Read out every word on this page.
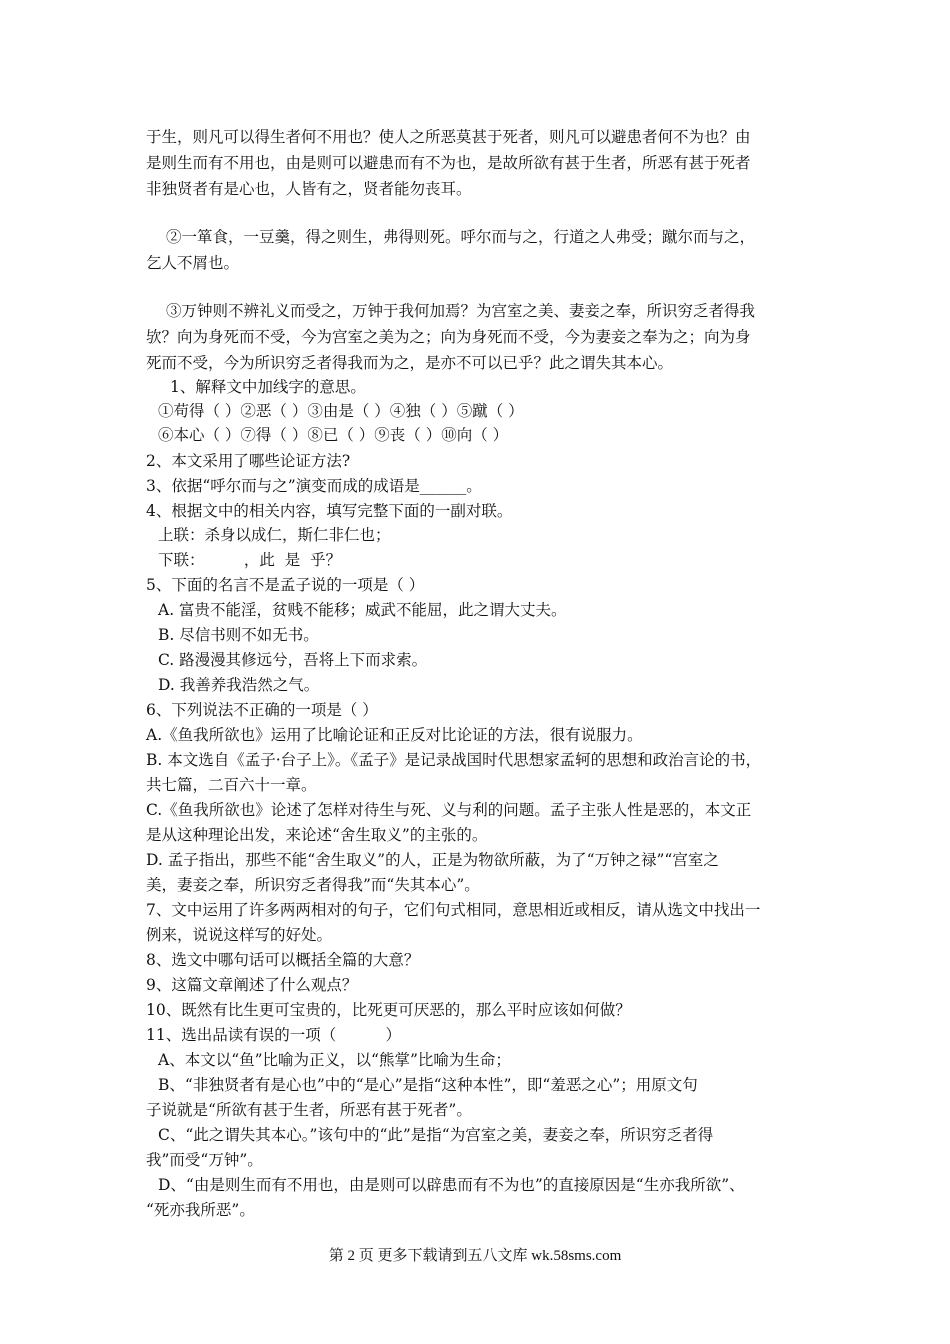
于生，则凡可以得生者何不用也？使人之所恶莫甚于死者，则凡可以避患者何不为也？由
是则生而有不用也，由是则可以避患而有不为也，是故所欲有甚于生者，所恶有甚于死者
非独贤者有是心也，人皆有之，贤者能勿丧耳。
②一箪食，一豆羹，得之则生，弗得则死。呼尔而与之，行道之人弗受；蹴尔而与之，
乞人不屑也。
③万钟则不辨礼义而受之，万钟于我何加焉？为宫室之美、妻妾之奉，所识穷乏者得我
欤？向为身死而不受，今为宫室之美为之；向为身死而不受，今为妻妾之奉为之；向为身
死而不受，今为所识穷乏者得我而为之，是亦不可以已乎？此之谓失其本心。
1、解释文中加线字的意思。
①苟得（ ）②恶（ ）③由是（ ）④独（ ）⑤蹴（ ）
⑥本心（ ）⑦得（ ）⑧已（ ）⑨丧（ ）⑩向（ ）
2、本文采用了哪些论证方法?
3、依据“呼尔而与之”演变而成的成语是______。
4、根据文中的相关内容，填写完整下面的一副对联。
上联：杀身以成仁，斯仁非仁也；
下联：        ，此  是  乎？
5、下面的名言不是孟子说的一项是（ ）
A. 富贵不能淫，贫贱不能移；威武不能屈，此之谓大丈夫。
B. 尽信书则不如无书。
C. 路漫漫其修远兮，吾将上下而求索。
D. 我善养我浩然之气。
6、下列说法不正确的一项是（ ）
A.《鱼我所欲也》运用了比喻论证和正反对比论证的方法，很有说服力。
B. 本文选自《孟子·台子上》。《孟子》是记录战国时代思想家孟轲的思想和政治言论的书，
共七篇，二百六十一章。
C.《鱼我所欲也》论述了怎样对待生与死、义与利的问题。孟子主张人性是恶的，本文正
是从这种理论出发，来论述“舍生取义”的主张的。
D. 孟子指出，那些不能“舍生取义”的人，正是为物欲所蔽，为了“万钟之禄”“宫室之
美，妻妾之奉，所识穷乏者得我”而“失其本心”。
7、文中运用了许多两两相对的句子，它们句式相同，意思相近或相反，请从选文中找出一
例来，说说这样写的好处。
8、选文中哪句话可以概括全篇的大意？
9、这篇文章阐述了什么观点？
10、既然有比生更可宝贵的，比死更可厌恶的，那么平时应该如何做？
11、选出品读有误的一项（          ）
A、本文以“鱼”比喻为正义，以“熊掌”比喻为生命；
B、“非独贤者有是心也”中的“是心”是指“这种本性”，即“羞恶之心”；用原文句
子说就是“所欲有甚于生者，所恶有甚于死者”。
C、“此之谓失其本心。”该句中的“此”是指“为宫室之美，妻妾之奉，所识穷乏者得
我”而受“万钟”。
D、“由是则生而有不用也，由是则可以辟患而有不为也”的直接原因是“生亦我所欲”、
“死亦我所恶”。
第 2 页 更多下载请到五八文库 wk.58sms.com
